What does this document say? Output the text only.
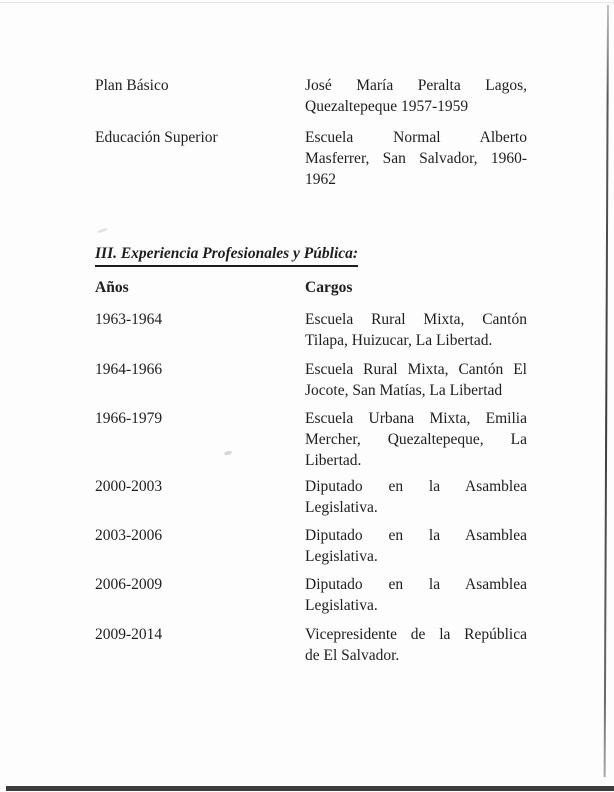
Plan Básico	José María Peralta Lagos,
Quezaltepeque 1957-1959
Educación Superior	Escuela Normal Alberto
Masferrer, San Salvador, 1960-
1962
III. Experiencia Profesionales y Pública:
Años	Cargos
1963-1964	Escuela Rural Mixta, Cantón
Tilapa, Huizucar, La Libertad.
1964-1966	Escuela Rural Mixta, Cantón El
Jocote, San Matías, La Libertad
1966-1979	Escuela Urbana Mixta, Emilia
Mercher, Quezaltepeque, La
Libertad.
2000-2003	Diputado en la Asamblea
Legislativa.
2003-2006	Diputado en la Asamblea
Legislativa.
2006-2009	Diputado en la Asamblea
Legislativa.
2009-2014	Vicepresidente de la República
de El Salvador.
